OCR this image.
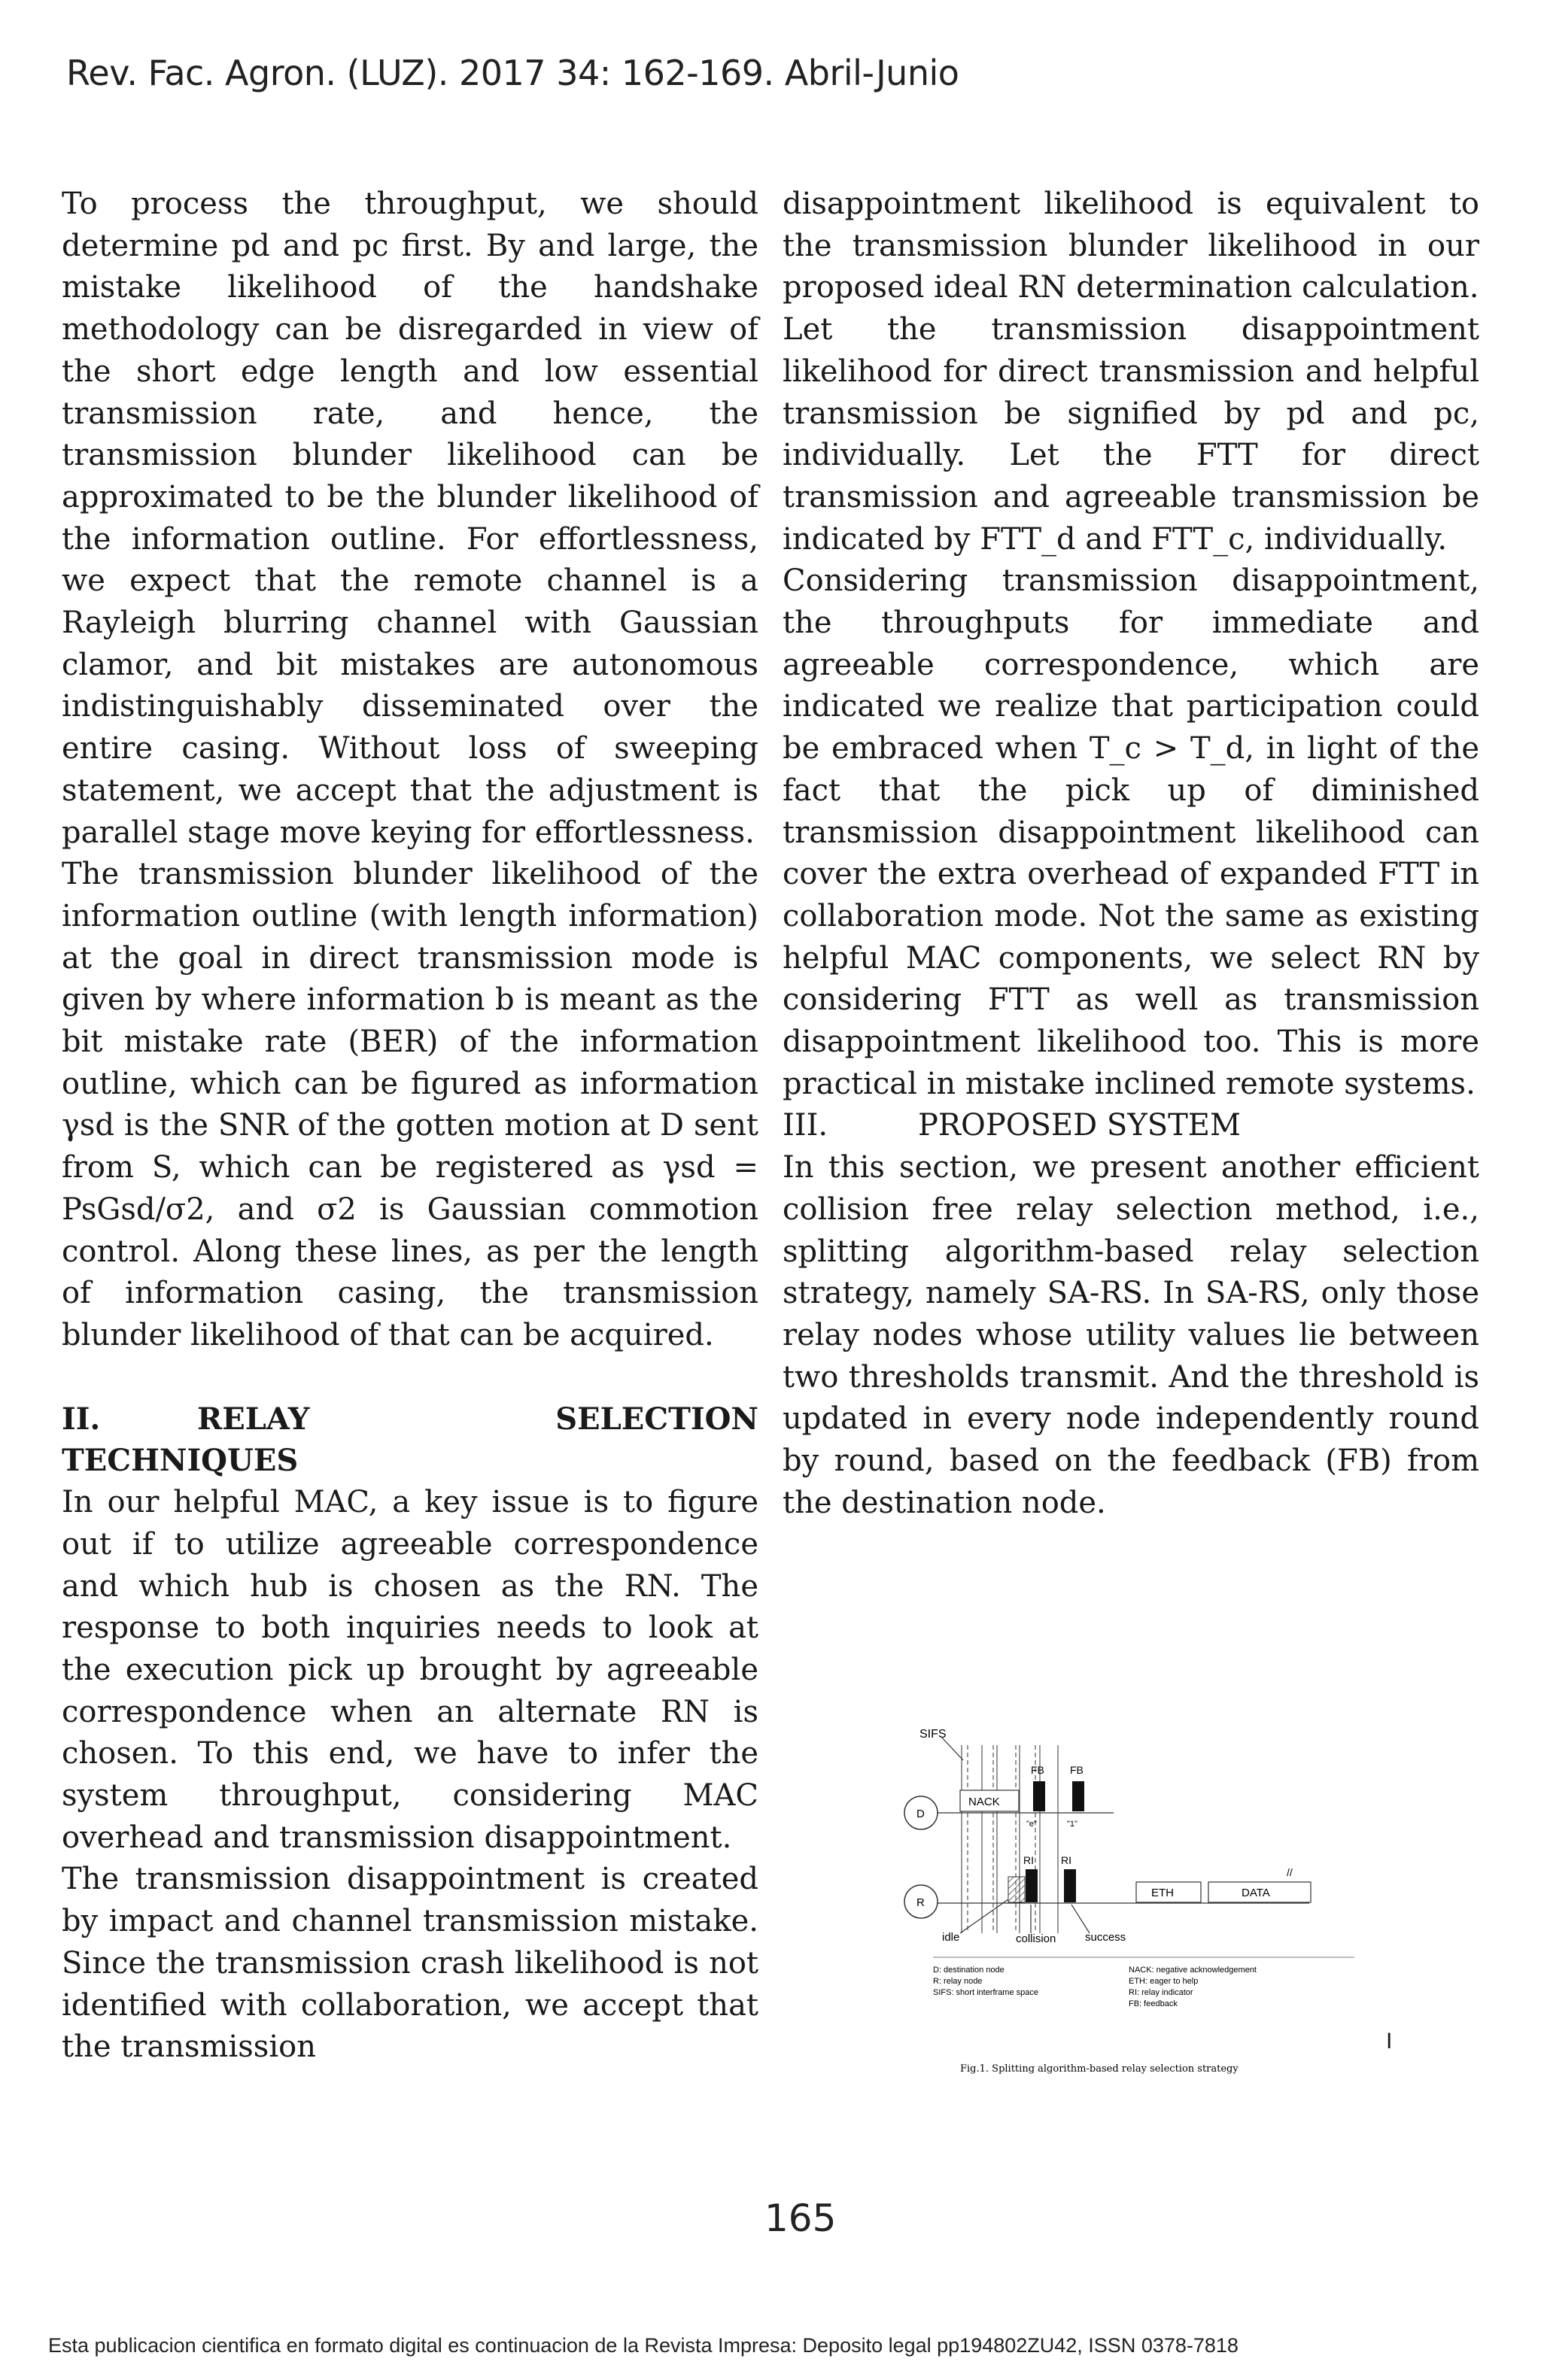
Rev. Fac. Agron. (LUZ). 2017 34: 162-169. Abril-Junio

To process the throughput, we should determine pd and pc first. By and large, the mistake likelihood of the handshake methodology can be disregarded in view of the short edge length and low essential transmission rate, and hence, the transmission blunder likelihood can be approximated to be the blunder likelihood of the information outline. For effortlessness, we expect that the remote channel is a Rayleigh blurring channel with Gaussian clamor, and bit mistakes are autonomous indistinguishably disseminated over the entire casing. Without loss of sweeping statement, we accept that the adjustment is parallel stage move keying for effortlessness.

The transmission blunder likelihood of the information outline (with length information) at the goal in direct transmission mode is given by where information b is meant as the bit mistake rate (BER) of the information outline, which can be figured as information γsd is the SNR of the gotten motion at D sent from S, which can be registered as γsd = PsGsd/σ2, and σ2 is Gaussian commotion control. Along these lines, as per the length of information casing, the transmission blunder likelihood of that can be acquired.

II.	RELAY SELECTION TECHNIQUES

In our helpful MAC, a key issue is to figure out if to utilize agreeable correspondence and which hub is chosen as the RN. The response to both inquiries needs to look at the execution pick up brought by agreeable correspondence when an alternate RN is chosen. To this end, we have to infer the system throughput, considering MAC overhead and transmission disappointment.

The transmission disappointment is created by impact and channel transmission mistake. Since the transmission crash likelihood is not identified with collaboration, we accept that the transmission

disappointment likelihood is equivalent to the transmission blunder likelihood in our proposed ideal RN determination calculation.

Let the transmission disappointment likelihood for direct transmission and helpful transmission be signified by pd and pc, individually. Let the FTT for direct transmission and agreeable transmission be indicated by FTT_d and FTT_c, individually.

Considering transmission disappointment, the throughputs for immediate and agreeable correspondence, which are indicated we realize that participation could be embraced when T_c > T_d, in light of the fact that the pick up of diminished transmission disappointment likelihood can cover the extra overhead of expanded FTT in collaboration mode. Not the same as existing helpful MAC components, we select RN by considering FTT as well as transmission disappointment likelihood too. This is more practical in mistake inclined remote systems.

III.	PROPOSED SYSTEM

In this section, we present another efficient collision free relay selection method, i.e., splitting algorithm-based relay selection strategy, namely SA-RS. In SA-RS, only those relay nodes whose utility values lie between two thresholds transmit. And the threshold is updated in every node independently round by round, based on the feedback (FB) from the destination node.

SIFS
D
NACK
FB FB
"e"	"1"
R
RI	RI
ETH	DATA
//
idle	collision	success
D: destination node
R: relay node
SIFS: short interframe space
NACK: negative acknowledgement
ETH: eager to help
RI: relay indicator
FB: feedback
Fig.1. Splitting algorithm-based relay selection strategy
I
165
Esta publicacion cientifica en formato digital es continuacion de la Revista Impresa: Deposito legal pp194802ZU42, ISSN 0378-7818
